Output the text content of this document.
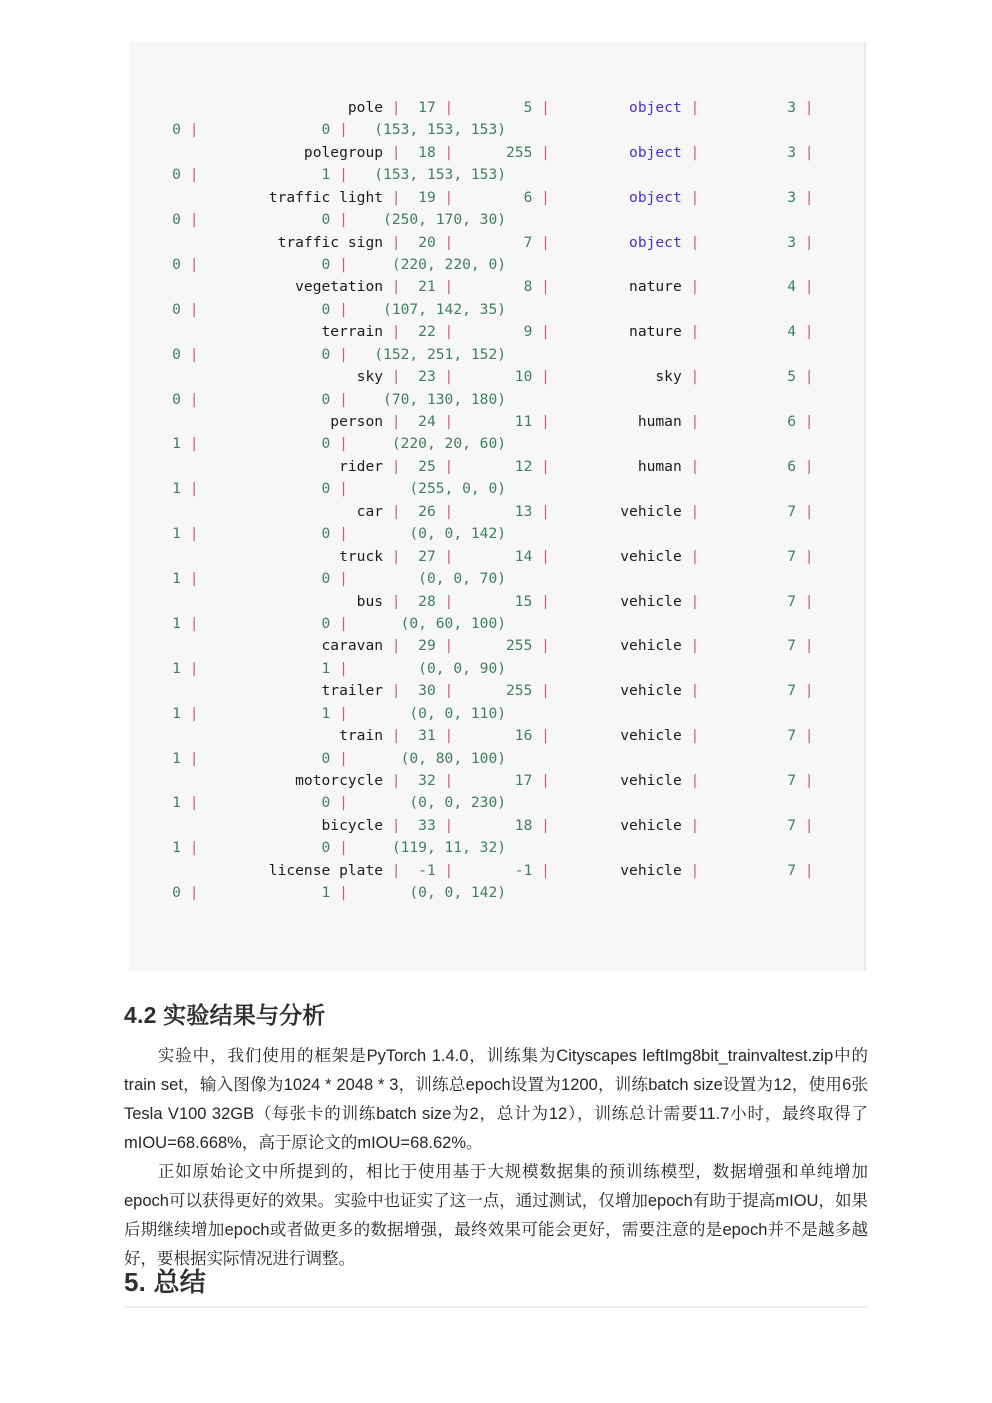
pole |  17 |        5 |         object |          3 |
0 |              0 |   (153, 153, 153)
polegroup |  18 |      255 |         object |          3 |
0 |              1 |   (153, 153, 153)
traffic light |  19 |        6 |         object |          3 |
0 |              0 |    (250, 170, 30)
traffic sign |  20 |        7 |         object |          3 |
0 |              0 |     (220, 220, 0)
vegetation |  21 |        8 |         nature |          4 |
0 |              0 |    (107, 142, 35)
terrain |  22 |        9 |         nature |          4 |
0 |              0 |   (152, 251, 152)
sky |  23 |       10 |            sky |          5 |
0 |              0 |    (70, 130, 180)
person |  24 |       11 |          human |          6 |
1 |              0 |     (220, 20, 60)
rider |  25 |       12 |          human |          6 |
1 |              0 |       (255, 0, 0)
car |  26 |       13 |        vehicle |          7 |
1 |              0 |       (0, 0, 142)
truck |  27 |       14 |        vehicle |          7 |
1 |              0 |        (0, 0, 70)
bus |  28 |       15 |        vehicle |          7 |
1 |              0 |      (0, 60, 100)
caravan |  29 |      255 |        vehicle |          7 |
1 |              1 |        (0, 0, 90)
trailer |  30 |      255 |        vehicle |          7 |
1 |              1 |       (0, 0, 110)
train |  31 |       16 |        vehicle |          7 |
1 |              0 |      (0, 80, 100)
motorcycle |  32 |       17 |        vehicle |          7 |
1 |              0 |       (0, 0, 230)
bicycle |  33 |       18 |        vehicle |          7 |
1 |              0 |     (119, 11, 32)
license plate |  -1 |       -1 |        vehicle |          7 |
0 |              1 |       (0, 0, 142)

4.2 实验结果与分析
实验中，我们使用的框架是PyTorch 1.4.0，训练集为Cityscapes leftImg8bit_trainvaltest.zip中的train set，输入图像为1024 * 2048 * 3，训练总epoch设置为1200，训练batch size设置为12，使用6张Tesla V100 32GB（每张卡的训练batch size为2，总计为12），训练总计需要11.7小时，最终取得了mIOU=68.668%，高于原论文的mIOU=68.62%。
正如原始论文中所提到的，相比于使用基于大规模数据集的预训练模型，数据增强和单纯增加epoch可以获得更好的效果。实验中也证实了这一点，通过测试，仅增加epoch有助于提高mIOU，如果后期继续增加epoch或者做更多的数据增强，最终效果可能会更好，需要注意的是epoch并不是越多越好，要根据实际情况进行调整。
5. 总结
